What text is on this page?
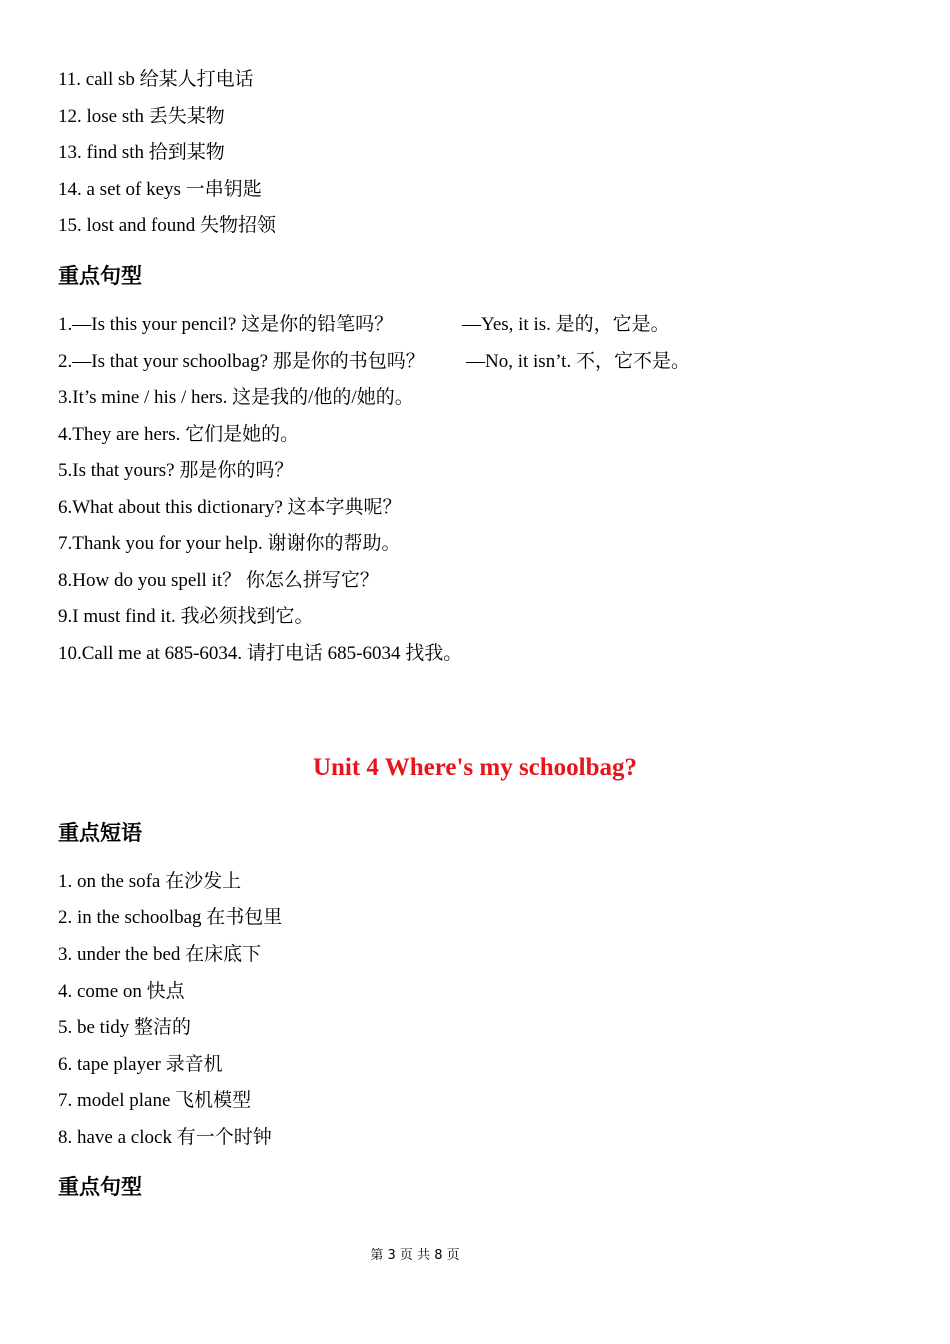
11. call sb 给某人打电话
12. lose sth 丢失某物
13. find sth 拾到某物
14. a set of keys 一串钥匙
15. lost and found 失物招领
重点句型
1.—Is this your pencil? 这是你的铅笔吗？	—Yes, it is. 是的，它是。
2.—Is that your schoolbag? 那是你的书包吗？ —No, it isn’t. 不，它不是。
3.It’s mine / his / hers. 这是我的/他的/她的。
4.They are hers. 它们是她的。
5.Is that yours? 那是你的吗？
6.What about this dictionary? 这本字典呢？
7.Thank you for your help. 谢谢你的帮助。
8.How do you spell it？ 你怎么拼写它？
9.I must find it. 我必须找到它。
10.Call me at 685-6034. 请打电话 685-6034 找我。
Unit 4 Where's my schoolbag?
重点短语
1. on the sofa 在沙发上
2. in the schoolbag 在书包里
3. under the bed 在床底下
4. come on 快点
5. be tidy 整洁的
6. tape player 录音机
7. model plane 飞机模型
8. have a clock 有一个时钟
重点句型
第 3 页 共 8 页
